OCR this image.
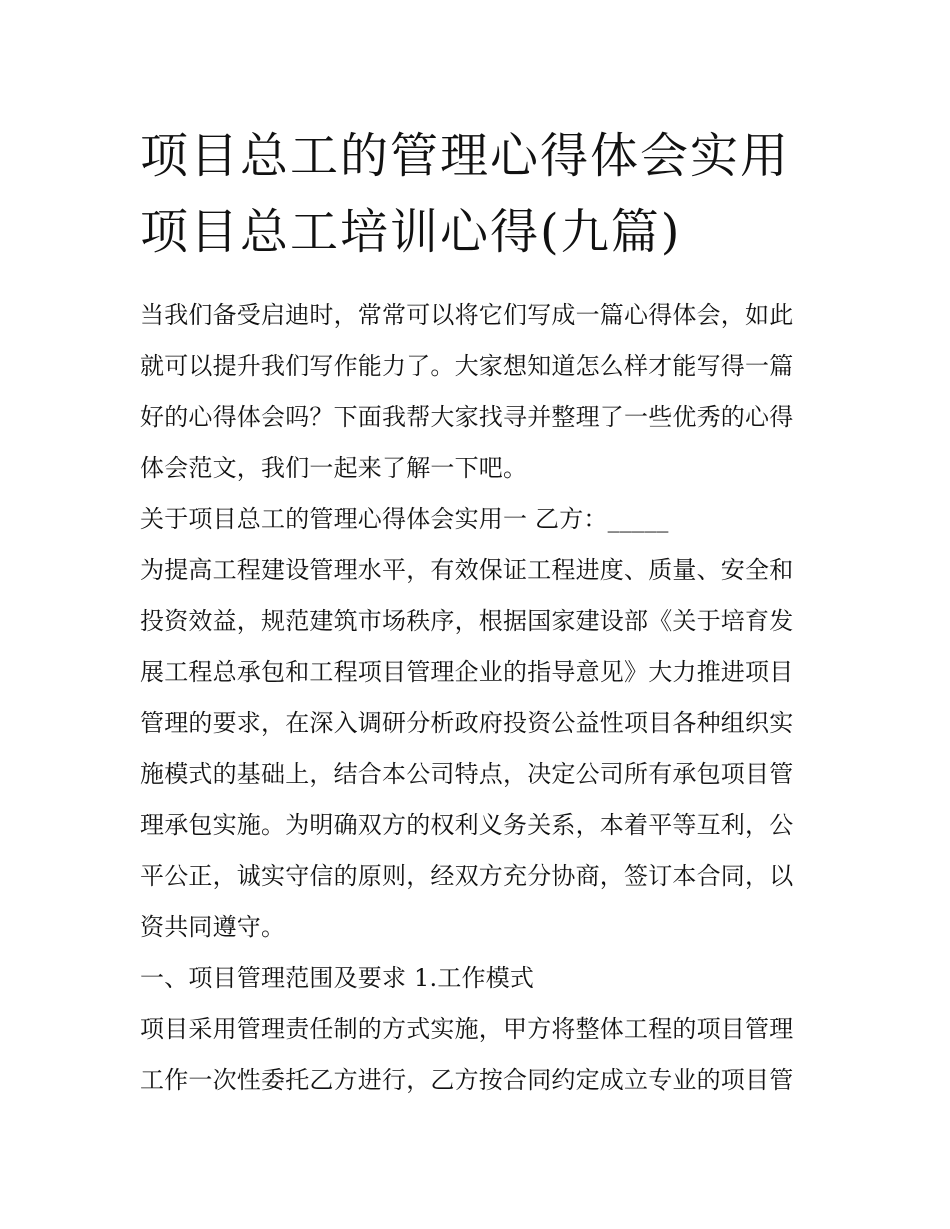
项目总工的管理心得体会实用
项目总工培训心得(九篇)

当我们备受启迪时，常常可以将它们写成一篇心得体会，如此
就可以提升我们写作能力了。大家想知道怎么样才能写得一篇
好的心得体会吗？下面我帮大家找寻并整理了一些优秀的心得
体会范文，我们一起来了解一下吧。

关于项目总工的管理心得体会实用一 乙方：_____

为提高工程建设管理水平，有效保证工程进度、质量、安全和
投资效益，规范建筑市场秩序，根据国家建设部《关于培育发
展工程总承包和工程项目管理企业的指导意见》大力推进项目
管理的要求，在深入调研分析政府投资公益性项目各种组织实
施模式的基础上，结合本公司特点，决定公司所有承包项目管
理承包实施。为明确双方的权利义务关系，本着平等互利，公
平公正，诚实守信的原则，经双方充分协商，签订本合同，以
资共同遵守。

一、项目管理范围及要求 1.工作模式

项目采用管理责任制的方式实施，甲方将整体工程的项目管理
工作一次性委托乙方进行，乙方按合同约定成立专业的项目管
